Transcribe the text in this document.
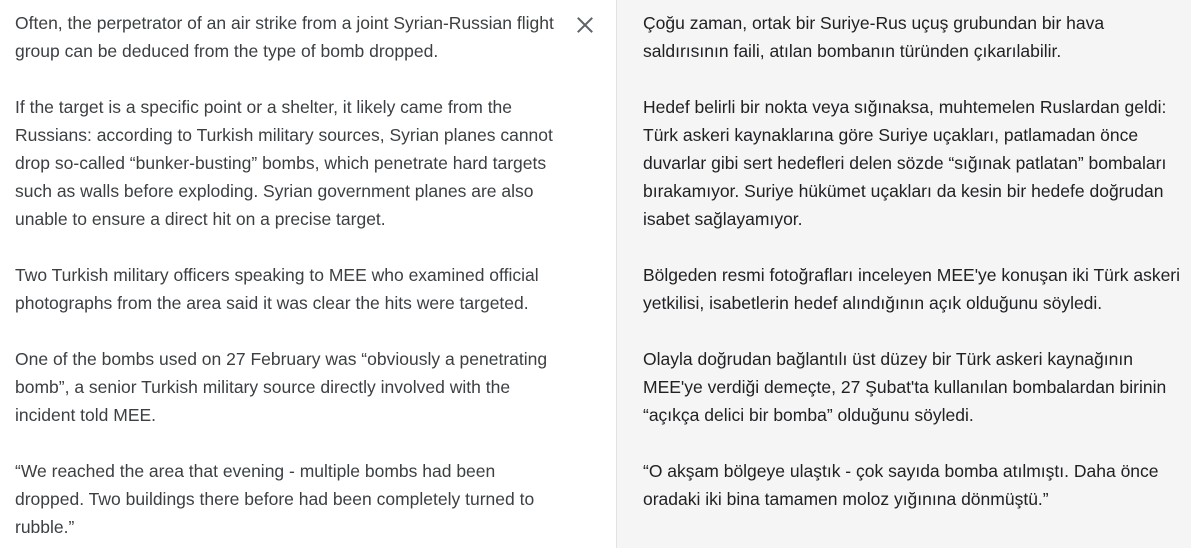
Often, the perpetrator of an air strike from a joint Syrian-Russian flight group can be deduced from the type of bomb dropped.

If the target is a specific point or a shelter, it likely came from the Russians: according to Turkish military sources, Syrian planes cannot drop so-called “bunker-busting” bombs, which penetrate hard targets such as walls before exploding. Syrian government planes are also unable to ensure a direct hit on a precise target.

Two Turkish military officers speaking to MEE who examined official photographs from the area said it was clear the hits were targeted.

One of the bombs used on 27 February was “obviously a penetrating bomb”, a senior Turkish military source directly involved with the incident told MEE.

“We reached the area that evening - multiple bombs had been dropped. Two buildings there before had been completely turned to rubble.”

Çoğu zaman, ortak bir Suriye-Rus uçuş grubundan bir hava saldırısının faili, atılan bombanın türünden çıkarılabilir.

Hedef belirli bir nokta veya sığınaksa, muhtemelen Ruslardan geldi: Türk askeri kaynaklarına göre Suriye uçakları, patlamadan önce duvarlar gibi sert hedefleri delen sözde “sığınak patlatan” bombaları bırakamıyor. Suriye hükümet uçakları da kesin bir hedefe doğrudan isabet sağlayamıyor.

Bölgeden resmi fotoğrafları inceleyen MEE'ye konuşan iki Türk askeri yetkilisi, isabetlerin hedef alındığının açık olduğunu söyledi.

Olayla doğrudan bağlantılı üst düzey bir Türk askeri kaynağının MEE'ye verdiği demeçte, 27 Şubat'ta kullanılan bombalardan birinin “açıkça delici bir bomba” olduğunu söyledi.

“O akşam bölgeye ulaştık - çok sayıda bomba atılmıştı. Daha önce oradaki iki bina tamamen moloz yığınına dönmüştü.”
